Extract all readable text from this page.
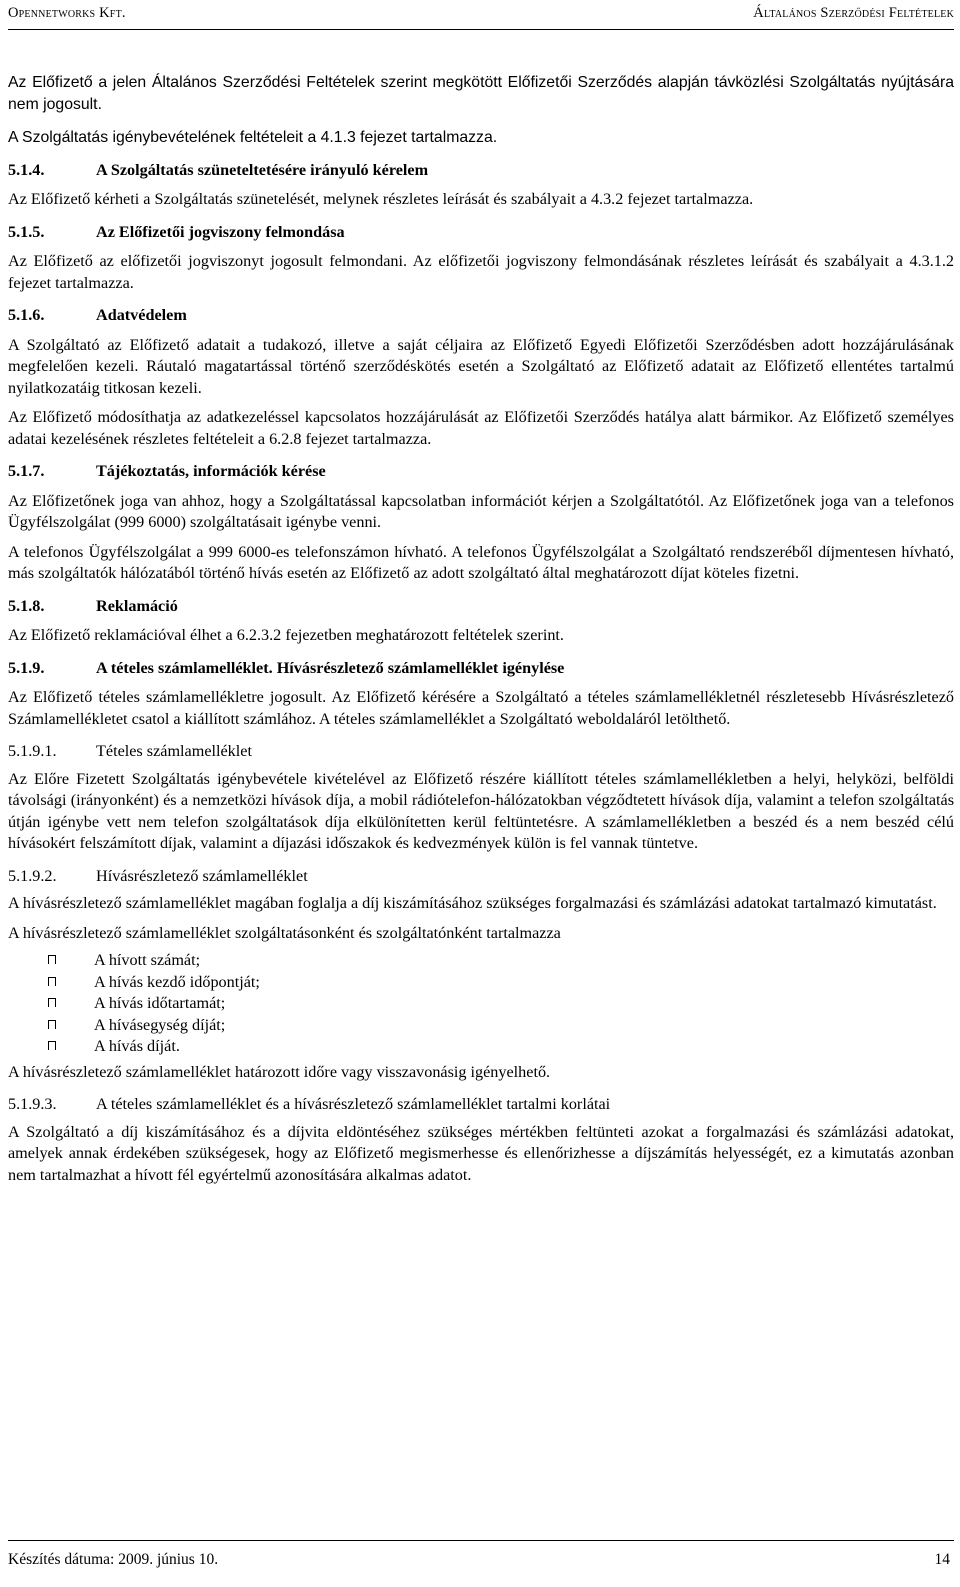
Opennetworks Kft.	Általános Szerződési Feltételek

Az Előfizető a jelen Általános Szerződési Feltételek szerint megkötött Előfizetői Szerződés alapján távközlési Szolgáltatás nyújtására nem jogosult.

A Szolgáltatás igénybevételének feltételeit a 4.1.3 fejezet tartalmazza.

5.1.4.	A Szolgáltatás szüneteltetésére irányuló kérelem

Az Előfizető kérheti a Szolgáltatás szünetelését, melynek részletes leírását és szabályait a 4.3.2 fejezet tartalmazza.

5.1.5.	Az Előfizetői jogviszony felmondása

Az Előfizető az előfizetői jogviszonyt jogosult felmondani. Az előfizetői jogviszony felmondásának részletes leírását és szabályait a 4.3.1.2 fejezet tartalmazza.

5.1.6.	Adatvédelem

A Szolgáltató az Előfizető adatait a tudakozó, illetve a saját céljaira az Előfizető Egyedi Előfizetői Szerződésben adott hozzájárulásának megfelelően kezeli. Ráutaló magatartással történő szerződéskötés esetén a Szolgáltató az Előfizető adatait az Előfizető ellentétes tartalmú nyilatkozatáig titkosan kezeli.

Az Előfizető módosíthatja az adatkezeléssel kapcsolatos hozzájárulását az Előfizetői Szerződés hatálya alatt bármikor. Az Előfizető személyes adatai kezelésének részletes feltételeit a 6.2.8 fejezet tartalmazza.

5.1.7.	Tájékoztatás, információk kérése

Az Előfizetőnek joga van ahhoz, hogy a Szolgáltatással kapcsolatban információt kérjen a Szolgáltatótól. Az Előfizetőnek joga van a telefonos Ügyfélszolgálat (999 6000) szolgáltatásait igénybe venni.

A telefonos Ügyfélszolgálat a 999 6000-es telefonszámon hívható. A telefonos Ügyfélszolgálat a Szolgáltató rendszeréből díjmentesen hívható, más szolgáltatók hálózatából történő hívás esetén az Előfizető az adott szolgáltató által meghatározott díjat köteles fizetni.

5.1.8.	Reklamáció

Az Előfizető reklamációval élhet a 6.2.3.2 fejezetben meghatározott feltételek szerint.

5.1.9.	A tételes számlamelléklet. Hívásrészletező számlamelléklet igénylése

Az Előfizető tételes számlamellékletre jogosult. Az Előfizető kérésére a Szolgáltató a tételes számlamellékletnél részletesebb Hívásrészletező Számlamellékletet csatol a kiállított számlához. A tételes számlamelléklet a Szolgáltató weboldaláról letölthető.

5.1.9.1. Tételes számlamelléklet

Az Előre Fizetett Szolgáltatás igénybevétele kivételével az Előfizető részére kiállított tételes számlamellékletben a helyi, helyközi, belföldi távolsági (irányonként) és a nemzetközi hívások díja, a mobil rádiótelefon-hálózatokban végződtetett hívások díja, valamint a telefon szolgáltatás útján igénybe vett nem telefon szolgáltatások díja elkülönítetten kerül feltüntetésre. A számlamellékletben a beszéd és a nem beszéd célú hívásokért felszámított díjak, valamint a díjazási időszakok és kedvezmények külön is fel vannak tüntetve.

5.1.9.2. Hívásrészletező számlamelléklet

A hívásrészletező számlamelléklet magában foglalja a díj kiszámításához szükséges forgalmazási és számlázási adatokat tartalmazó kimutatást.

A hívásrészletező számlamelléklet szolgáltatásonként és szolgáltatónként tartalmazza

A hívott számát;
A hívás kezdő időpontját;
A hívás időtartamát;
A hívásegység díját;
A hívás díját.

A hívásrészletező számlamelléklet határozott időre vagy visszavonásig igényelhető.

5.1.9.3. A tételes számlamelléklet és a hívásrészletező számlamelléklet tartalmi korlátai

A Szolgáltató a díj kiszámításához és a díjvita eldöntéséhez szükséges mértékben feltünteti azokat a forgalmazási és számlázási adatokat, amelyek annak érdekében szükségesek, hogy az Előfizető megismerhesse és ellenőrizhesse a díjszámítás helyességét, ez a kimutatás azonban nem tartalmazhat a hívott fél egyértelmű azonosítására alkalmas adatot.

Készítés dátuma: 2009. június 10.	14
